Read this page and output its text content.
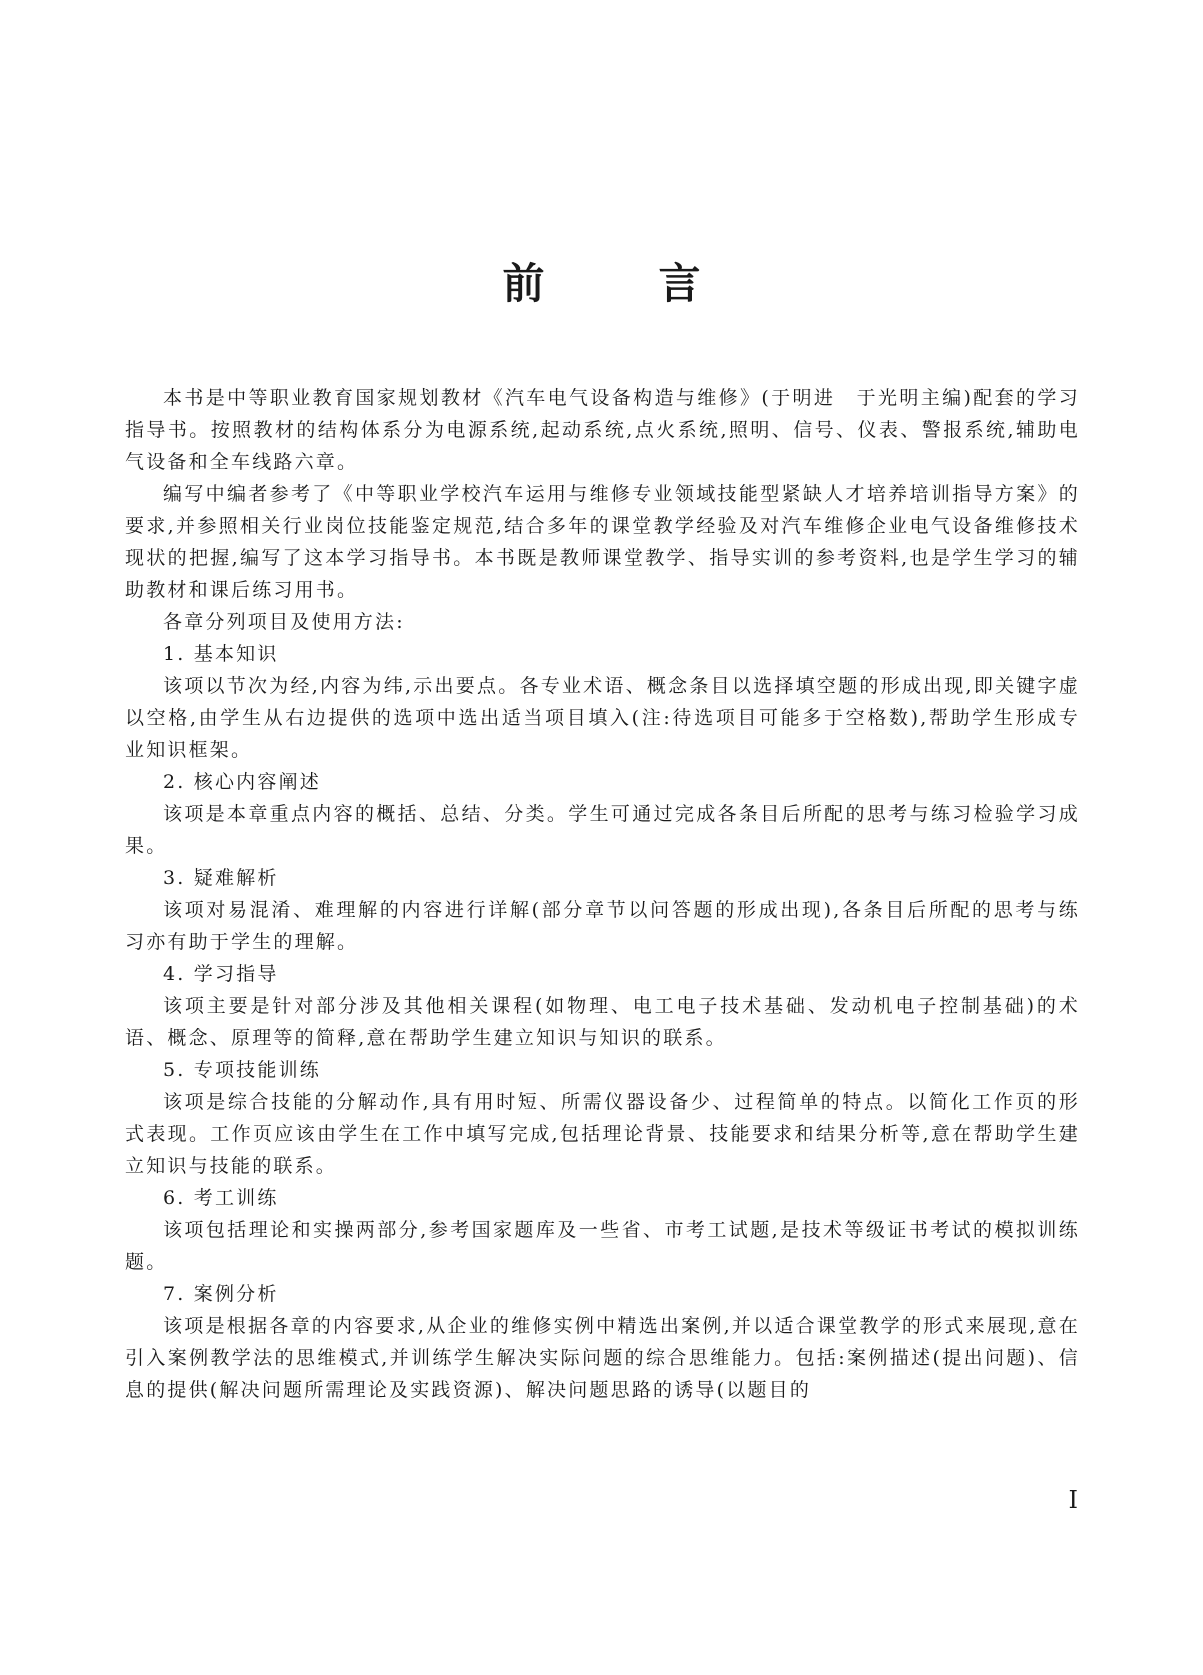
前　言

本书是中等职业教育国家规划教材《汽车电气设备构造与维修》(于明进　于光明主编)配套的学习指导书。按照教材的结构体系分为电源系统,起动系统,点火系统,照明、信号、仪表、警报系统,辅助电气设备和全车线路六章。

编写中编者参考了《中等职业学校汽车运用与维修专业领域技能型紧缺人才培养培训指导方案》的要求,并参照相关行业岗位技能鉴定规范,结合多年的课堂教学经验及对汽车维修企业电气设备维修技术现状的把握,编写了这本学习指导书。本书既是教师课堂教学、指导实训的参考资料,也是学生学习的辅助教材和课后练习用书。

各章分列项目及使用方法:

1. 基本知识

该项以节次为经,内容为纬,示出要点。各专业术语、概念条目以选择填空题的形成出现,即关键字虚以空格,由学生从右边提供的选项中选出适当项目填入(注:待选项目可能多于空格数),帮助学生形成专业知识框架。

2. 核心内容阐述

该项是本章重点内容的概括、总结、分类。学生可通过完成各条目后所配的思考与练习检验学习成果。

3. 疑难解析

该项对易混淆、难理解的内容进行详解(部分章节以问答题的形成出现),各条目后所配的思考与练习亦有助于学生的理解。

4. 学习指导

该项主要是针对部分涉及其他相关课程(如物理、电工电子技术基础、发动机电子控制基础)的术语、概念、原理等的简释,意在帮助学生建立知识与知识的联系。

5. 专项技能训练

该项是综合技能的分解动作,具有用时短、所需仪器设备少、过程简单的特点。以简化工作页的形式表现。工作页应该由学生在工作中填写完成,包括理论背景、技能要求和结果分析等,意在帮助学生建立知识与技能的联系。

6. 考工训练

该项包括理论和实操两部分,参考国家题库及一些省、市考工试题,是技术等级证书考试的模拟训练题。

7. 案例分析

该项是根据各章的内容要求,从企业的维修实例中精选出案例,并以适合课堂教学的形式来展现,意在引入案例教学法的思维模式,并训练学生解决实际问题的综合思维能力。包括:案例描述(提出问题)、信息的提供(解决问题所需理论及实践资源)、解决问题思路的诱导(以题目的

I
